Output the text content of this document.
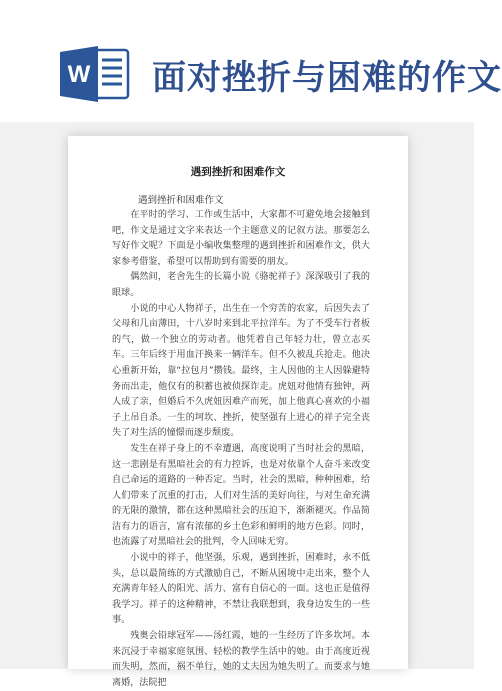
W 面对挫折与困难的作文
遇到挫折和困难作文
遇到挫折和困难作文

在平时的学习、工作或生活中，大家都不可避免地会接触到吧，作文是通过文字来表达一个主题意义的记叙方法。那要怎么写好作文呢？下面是小编收集整理的遇到挫折和困难作文，供大家参考借鉴，希望可以帮助到有需要的朋友。

偶然间，老舍先生的长篇小说《骆驼祥子》深深吸引了我的眼球。

小说的中心人物祥子，出生在一个穷苦的农家，后因失去了父母和几亩薄田，十八岁时来到北平拉洋车。为了不受车行者板的气，做一个独立的劳动者。他凭着自己年轻力壮，曾立志买车。三年后终于用血汗换来一辆洋车。但不久被乱兵抢走。他决心重新开始，靠“拉包月”攒钱。最终，主人因他的主人因躲避特务而出走，他仅有的积蓄也被侦探诈走。虎妞对他情有独钟，两人成了亲，但婚后不久虎妞因难产而死，加上他真心喜欢的小福子上吊自杀。一生的坷坎、挫折，使坚强有上进心的祥子完全丧失了对生活的憧憬而逐步颓废。

发生在祥子身上的不幸遭遇，高度说明了当时社会的黑暗，这一悲剧是有黑暗社会的有力控诉，也是对依靠个人奋斗来改变自己命运的道路的一种否定。当时，社会的黑暗，种种困难，给人们带来了沉重的打击，人们对生活的美好向往，与对生命充满的无限的激情，都在这种黑暗社会的压迫下，渐渐褪灭。作品简洁有力的语言，富有浓郁的乡土色彩和鲜明的地方色彩。同时，也流露了对黑暗社会的批判，令人回味无穷。

小说中的祥子，他坚强，乐观，遇到挫折，困难时，永不低头，总以最简练的方式激励自己，不断从困境中走出来，整个人充满青年轻人的阳光、活力、富有自信心的一面。这也正是值得我学习。祥子的这种精神，不禁让我联想到，我身边发生的一些事。

残奥会铅球冠军——汤红霞，她的一生经历了许多坎坷。本来沉浸于幸福家庭氛围、轻松的教学生活中的她。由于高度近视而失明，然而，祸不单行，她的丈夫因为她失明了。而要求与她离婚，法院把
